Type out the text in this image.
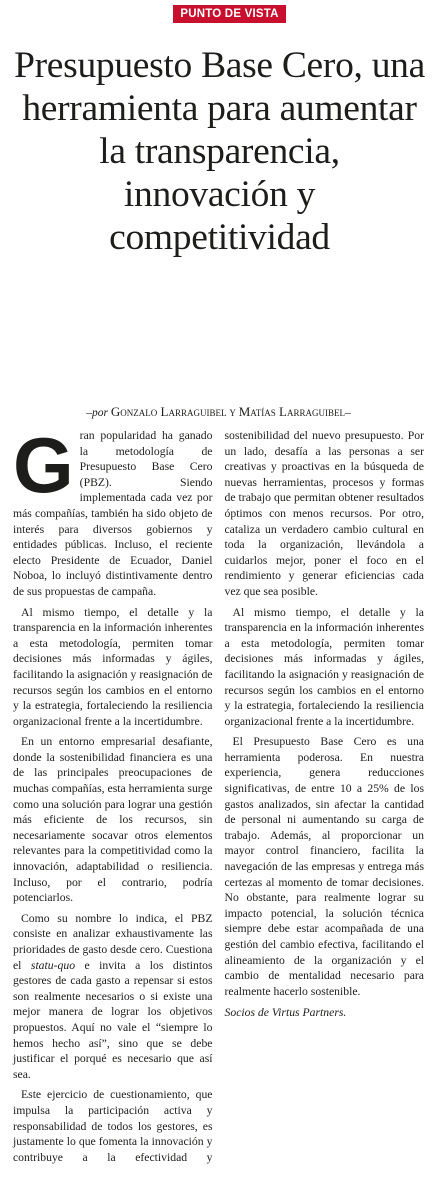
PUNTO DE VISTA
Presupuesto Base Cero, una herramienta para aumentar la transparencia, innovación y competitividad
–por Gonzalo Larraguibel y Matías Larraguibel–

Gran popularidad ha ganado la metodología de Presupuesto Base Cero (PBZ). Siendo implementada cada vez por más compañías, también ha sido objeto de interés para diversos gobiernos y entidades públicas. Incluso, el reciente electo Presidente de Ecuador, Daniel Noboa, lo incluyó distintivamente dentro de sus propuestas de campaña.

Al mismo tiempo, el detalle y la transparencia en la información inherentes a esta metodología, permiten tomar decisiones más informadas y ágiles, facilitando la asignación y reasignación de recursos según los cambios en el entorno y la estrategia, fortaleciendo la resiliencia organizacional frente a la incertidumbre.

En un entorno empresarial desafiante, donde la sostenibilidad financiera es una de las principales preocupaciones de muchas compañías, esta herramienta surge como una solución para lograr una gestión más eficiente de los recursos, sin necesariamente socavar otros elementos relevantes para la competitividad como la innovación, adaptabilidad o resiliencia. Incluso, por el contrario, podría potenciarlos.

Como su nombre lo indica, el PBZ consiste en analizar exhaustivamente las prioridades de gasto desde cero. Cuestiona el statu-quo e invita a los distintos gestores de cada gasto a repensar si estos son realmente necesarios o si existe una mejor manera de lograr los objetivos propuestos. Aquí no vale el “siempre lo hemos hecho así”, sino que se debe justificar el porqué es necesario que así sea.

Este ejercicio de cuestionamiento, que impulsa la participación activa y responsabilidad de todos los gestores, es justamente lo que fomenta la innovación y contribuye a la efectividad y sostenibilidad del nuevo presupuesto. Por un lado, desafía a las personas a ser creativas y proactivas en la búsqueda de nuevas herramientas, procesos y formas de trabajo que permitan obtener resultados óptimos con menos recursos. Por otro, cataliza un verdadero cambio cultural en toda la organización, llevándola a cuidarlos mejor, poner el foco en el rendimiento y generar eficiencias cada vez que sea posible.

Al mismo tiempo, el detalle y la transparencia en la información inherentes a esta metodología, permiten tomar decisiones más informadas y ágiles, facilitando la asignación y reasignación de recursos según los cambios en el entorno y la estrategia, fortaleciendo la resiliencia organizacional frente a la incertidumbre.

El Presupuesto Base Cero es una herramienta poderosa. En nuestra experiencia, genera reducciones significativas, de entre 10 a 25% de los gastos analizados, sin afectar la cantidad de personal ni aumentando su carga de trabajo. Además, al proporcionar un mayor control financiero, facilita la navegación de las empresas y entrega más certezas al momento de tomar decisiones. No obstante, para realmente lograr su impacto potencial, la solución técnica siempre debe estar acompañada de una gestión del cambio efectiva, facilitando el alineamiento de la organización y el cambio de mentalidad necesario para realmente hacerlo sostenible.

Socios de Virtus Partners.
